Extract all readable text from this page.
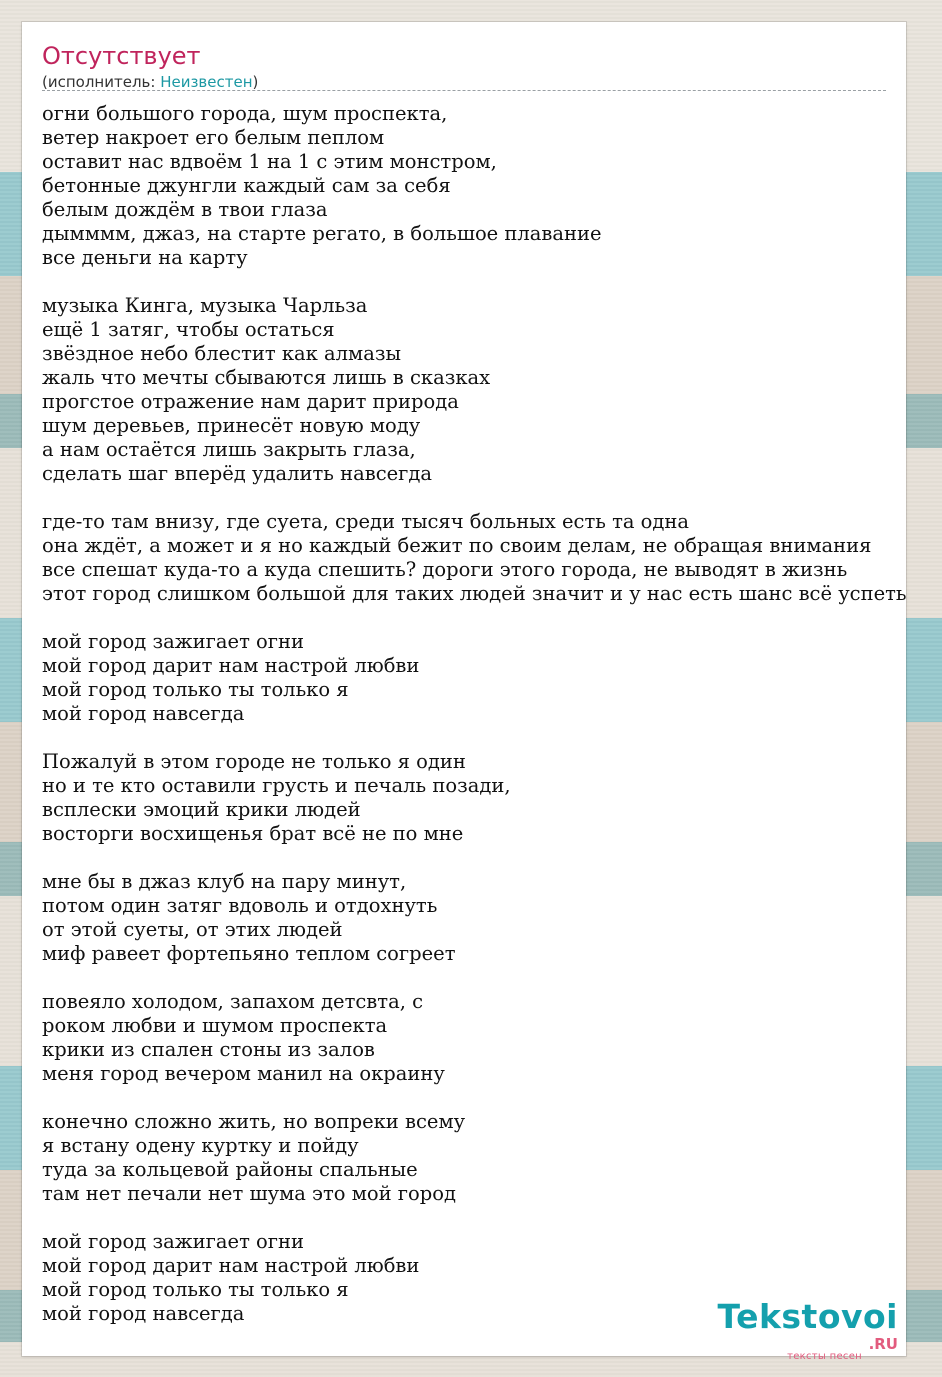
Отсутствует
(исполнитель: Неизвестен)
огни большого города, шум проспекта,
ветер накроет его белым пеплом
оставит нас вдвоём 1 на 1 с этим монстром,
бетонные джунгли каждый сам за себя
белым дождём в твои глаза
дымммм, джаз, на старте регато, в большое плавание
все деньги на карту
музыка Кинга, музыка Чарльза
ещё 1 затяг, чтобы остаться
звёздное небо блестит как алмазы
жаль что мечты сбываются лишь в сказках
прогстое отражение нам дарит природа
шум деревьев, принесёт новую моду
а нам остаётся лишь закрыть глаза,
сделать шаг вперёд удалить навсегда
где-то там внизу, где суета, среди тысяч больных есть та одна
она ждёт, а может и я но каждый бежит по своим делам, не обращая внимания
все спешат куда-то а куда спешить? дороги этого города, не выводят в жизнь
этот город слишком большой для таких людей значит и у нас есть шанс всё успеть
мой город зажигает огни
мой город дарит нам настрой любви
мой город только ты только я
мой город навсегда
Пожалуй в этом городе не только я один
но и те кто оставили грусть и печаль позади,
всплески эмоций крики людей
восторги восхищенья брат всё не по мне
мне бы в джаз клуб на пару минут,
потом один затяг вдоволь и отдохнуть
от этой суеты, от этих людей
миф равеет фортепьяно теплом согреет
повеяло холодом, запахом детсвта, с
роком любви и шумом проспекта
крики из спален стоны из залов
меня город вечером манил на окраину
конечно сложно жить, но вопреки всему
я встану одену куртку и пойду
туда за кольцевой районы спальные
там нет печали нет шума это мой город
мой город зажигает огни
мой город дарит нам настрой любви
мой город только ты только я
мой город навсегда	Tekstovoi.RU
тексты песен
